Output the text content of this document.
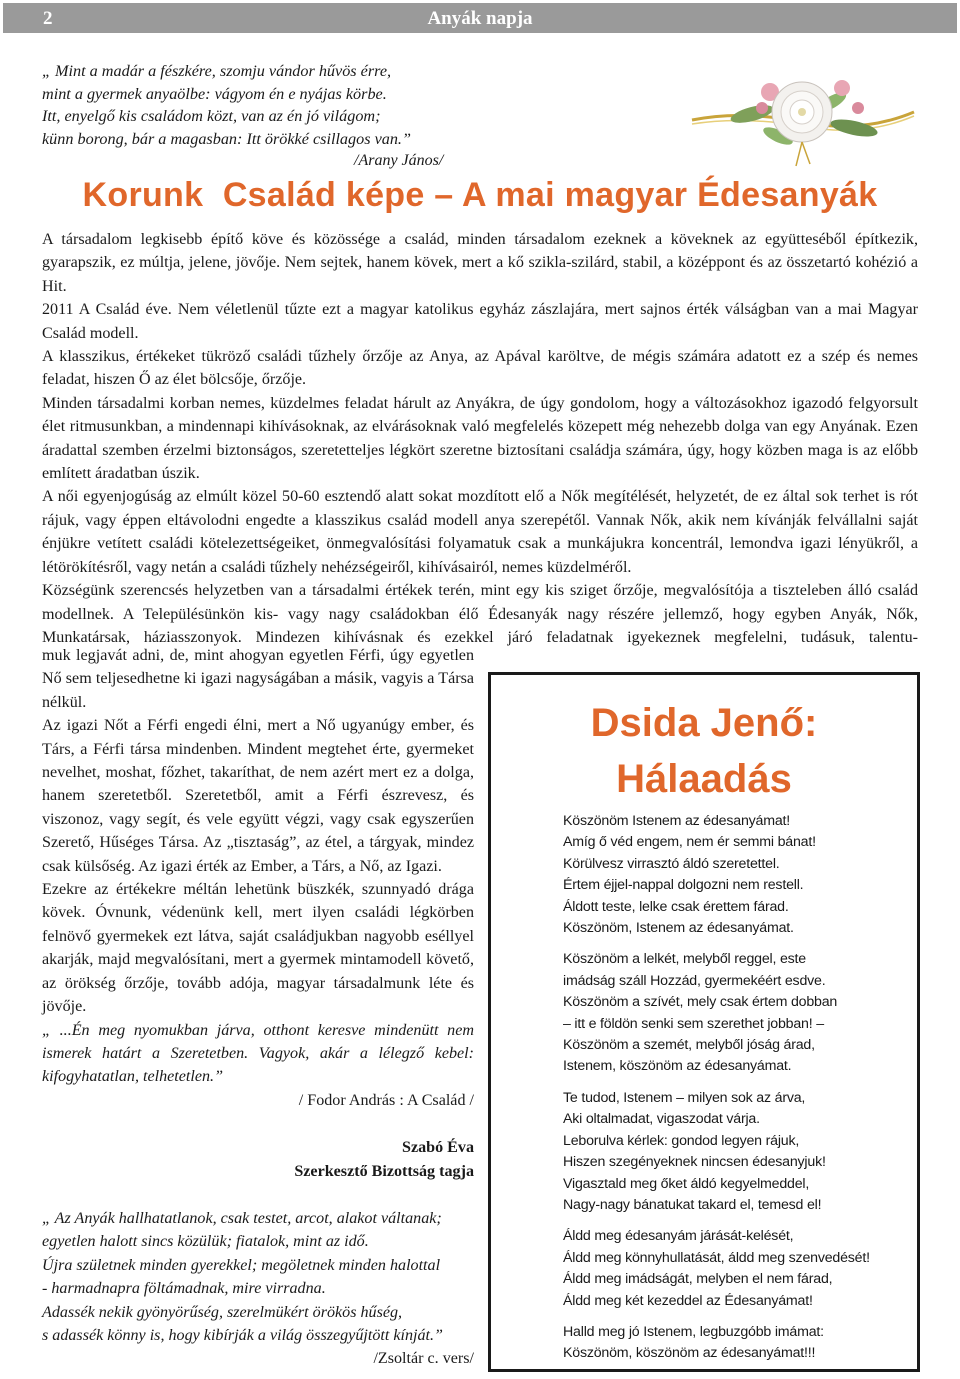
2	Anyák napja
„ Mint a madár a fészkére, szomju vándor hűvös érre,
mint a gyermek anyaölbe: vágyom én e nyájas körbe.
Itt, enyelgő kis családom közt, van az én jó világom;
künn borong, bár a magasban: Itt örökké csillagos van.”
/Arany János/
Korunk  Család képe – A mai magyar Édesanyák

A társadalom legkisebb építő köve és közössége a család, minden társadalom ezeknek a köveknek az együtteséből építkezik, gyarapszik, ez múltja, jelene, jövője. Nem sejtek, hanem kövek, mert a kő szikla-szilárd, stabil, a középpont és az összetartó kohézió a Hit.

2011 A Család éve. Nem véletlenül tűzte ezt a magyar katolikus egyház zászlajára, mert sajnos érték válságban van a mai Magyar Család modell.

A klasszikus, értékeket tükröző családi tűzhely őrzője az Anya, az Apával karöltve, de mégis számára adatott ez a szép és nemes feladat, hiszen Ő az élet bölcsője, őrzője.

Minden társadalmi korban nemes, küzdelmes feladat hárult az Anyákra, de úgy gondolom, hogy a változásokhoz igazodó felgyorsult élet ritmusunkban, a mindennapi kihívásoknak, az elvárásoknak való megfelelés közepett még nehezebb dolga van egy Anyának. Ezen áradattal szemben érzelmi biztonságos, szeretetteljes légkört szeretne biztosítani családja számára, úgy, hogy közben maga is az előbb említett áradatban úszik.

A női egyenjogúság az elmúlt közel 50-60 esztendő alatt sokat mozdított elő a Nők megítélését, helyzetét, de ez által sok terhet is rót rájuk, vagy éppen eltávolodni engedte a klasszikus család modell anya szerepétől. Vannak Nők, akik nem kívánják felvállalni saját énjükre vetített családi kötelezettségeiket, önmegvalósítási folyamatuk csak a munkájukra koncentrál, lemondva igazi lényükről, a létörökítésről, vagy netán a családi tűzhely nehézségeiről, kihívásairól, nemes küzdelméről.

Községünk szerencsés helyzetben van a társadalmi értékek terén, mint egy kis sziget őrzője, megvalósítója a tiszteleben álló család modellnek. A Településünkön kis- vagy nagy családokban élő Édesanyák nagy részére jellemző, hogy egyben Anyák, Nők, Munkatársak, háziasszonyok. Mindezen kihívásnak és ezekkel járó feladatnak igyekeznek megfelelni, tudásuk, talentu-

muk legjavát adni, de, mint ahogyan egyetlen Férfi, úgy egyetlen Nő sem teljesedhetne ki igazi nagyságában a másik, vagyis a Társa nélkül.

Az igazi Nőt a Férfi engedi élni, mert a Nő ugyanúgy ember, és Társ, a Férfi társa mindenben. Mindent megtehet érte, gyermeket nevelhet, moshat, főzhet, takaríthat, de nem azért mert ez a dolga, hanem szeretetből. Szeretetből, amit a Férfi észrevesz, és viszonoz, vagy segít, és vele együtt végzi, vagy csak egyszerűen Szerető, Hűséges Társa. Az „tisztaság”, az étel, a tárgyak, mindez csak külsőség. Az igazi érték az Ember, a Társ, a Nő, az Igazi.

Ezekre az értékekre méltán lehetünk büszkék, szunnyadó drága kövek. Óvnunk, védenünk kell, mert ilyen családi légkörben felnövő gyermekek ezt látva, saját családjukban nagyobb eséllyel akarják, majd megvalósítani, mert a gyermek mintamodell követő, az örökség őrzője, tovább adója, magyar társadalmunk léte és jövője.

„ ...Én meg nyomukban járva, otthont keresve mindenütt nem ismerek határt a Szeretetben. Vagyok, akár a lélegző kebel: kifogyhatatlan, telhetetlen.”

/ Fodor András : A Család /

Szabó Éva

Szerkesztő Bizottság tagja

„ Az Anyák hallhatatlanok, csak testet, arcot, alakot váltanak;
egyetlen halott sincs közülük; fiatalok, mint az idő.
Újra születnek minden gyerekkel; megöletnek minden halottal
- harmadnapra föltámadnak, mire virradna.
Adassék nekik gyönyörűség, szerelmükért örökös hűség,
s adassék könny is, hogy kibírják a világ összegyűjtött kínját.”

/Zsoltár c. vers/

Dsida Jenő:
Hálaadás
Köszönöm Istenem az édesanyámat!
Amíg ő véd engem, nem ér semmi bánat!
Körülvesz virrasztó áldó szeretettel.
Értem éjjel-nappal dolgozni nem restell.
Áldott teste, lelke csak érettem fárad.
Köszönöm, Istenem az édesanyámat.
Köszönöm a lelkét, melyből reggel, este
imádság száll Hozzád, gyermekéért esdve.
Köszönöm a szívét, mely csak értem dobban
– itt e földön senki sem szerethet jobban! –
Köszönöm a szemét, melyből jóság árad,
Istenem, köszönöm az édesanyámat.
Te tudod, Istenem – milyen sok az árva,
Aki oltalmadat, vigaszodat várja.
Leborulva kérlek: gondod legyen rájuk,
Hiszen szegényeknek nincsen édesanyjuk!
Vigasztald meg őket áldó kegyelmeddel,
Nagy-nagy bánatukat takard el, temesd el!
Áldd meg édesanyám járását-kelését,
Áldd meg könnyhullatását, áldd meg szenvedését!
Áldd meg imádságát, melyben el nem fárad,
Áldd meg két kezeddel az Édesanyámat!
Halld meg jó Istenem, legbuzgóbb imámat:
Köszönöm, köszönöm az édesanyámat!!!
